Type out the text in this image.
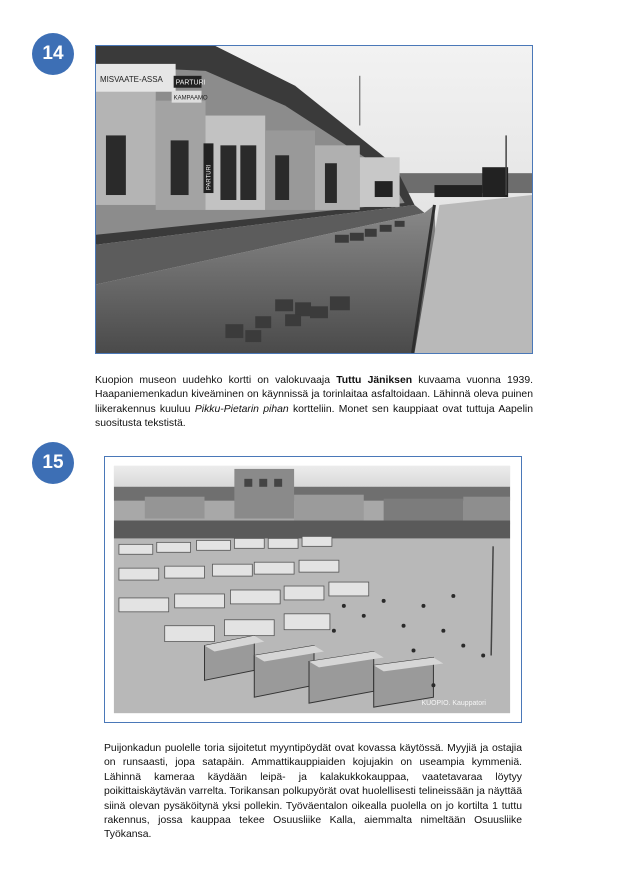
14
MISVAATE-ASSA PARTURI
KAMPAAMO
PARTURI
Kuopion museon uudehko kortti on valokuvaaja Tuttu Jäniksen kuvaama vuonna 1939. Haapaniemenkadun kiveäminen on käynnissä ja torinlaitaa asfaltoidaan. Lähinnä oleva puinen liikerakennus kuuluu Pikku-Pietarin pihan kortteliin. Monet sen kauppiaat ovat tuttuja Aapelin suositusta tekstistä.
15
KUOPIO. Kauppatori
Puijonkadun puolelle toria sijoitetut myyntipöydät ovat kovassa käytössä. Myyjiä ja ostajia on runsaasti, jopa satapäin. Ammattikauppiaiden kojujakin on useampia kymmeniä. Lähinnä kameraa käydään leipä- ja kalakukkokauppaa, vaatetavaraa löytyy poikittaiskäytävän varrelta. Torikansan polkupyörät ovat huolellisesti telineissään ja näyttää siinä olevan pysäköitynä yksi pollekin. Työväentalon oikealla puolella on jo kortilta 1 tuttu rakennus, jossa kauppaa tekee Osuusliike Kalla, aiemmalta nimeltään Osuusliike Työkansa.
